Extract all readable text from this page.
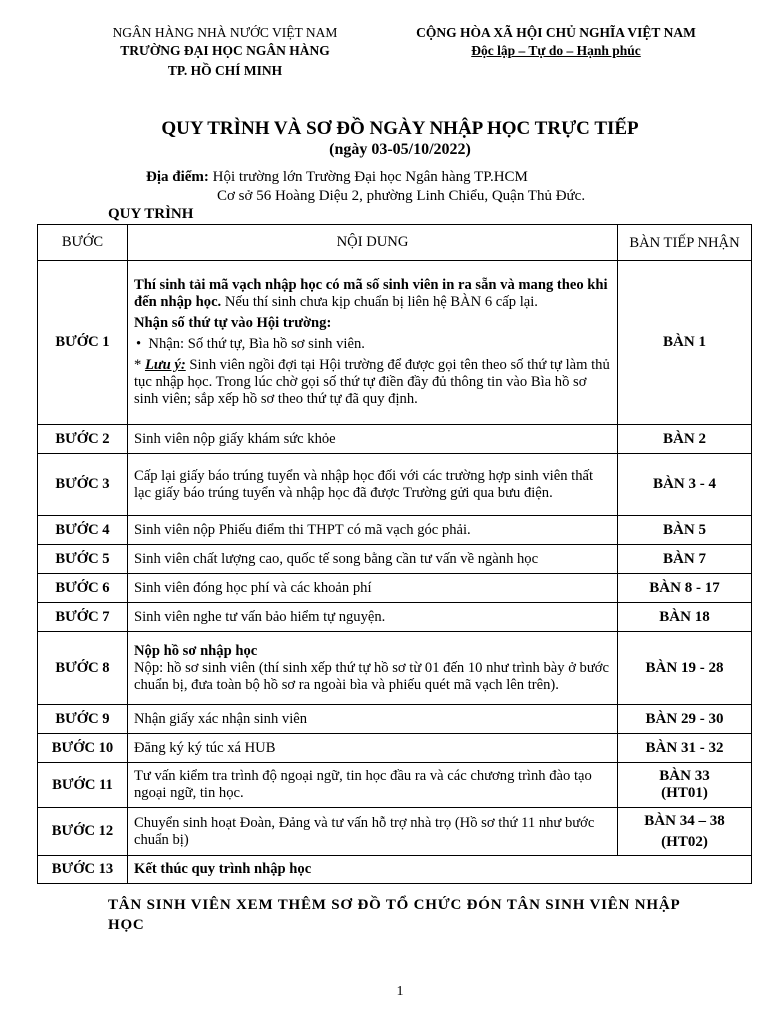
NGÂN HÀNG NHÀ NƯỚC VIỆT NAM
TRƯỜNG ĐẠI HỌC NGÂN HÀNG
TP. HỒ CHÍ MINH
CỘNG HÒA XÃ HỘI CHỦ NGHĨA VIỆT NAM
Độc lập – Tự do – Hạnh phúc
QUY TRÌNH VÀ SƠ ĐỒ NGÀY NHẬP HỌC TRỰC TIẾP
(ngày 03-05/10/2022)
Địa điểm: Hội trường lớn Trường Đại học Ngân hàng TP.HCM
Cơ sở 56 Hoàng Diệu 2, phường Linh Chiểu, Quận Thủ Đức.
QUY TRÌNH
BƯỚC	NỘI DUNG	BÀN TIẾP NHẬN
BƯỚC 1	Thí sinh tải mã vạch nhập học có mã số sinh viên in ra sẵn và mang theo khi đến nhập học. Nếu thí sinh chưa kịp chuẩn bị liên hệ BÀN 6 cấp lại.
Nhận số thứ tự vào Hội trường:
•  Nhận: Số thứ tự, Bìa hồ sơ sinh viên.
* Lưu ý: Sinh viên ngồi đợi tại Hội trường để được gọi tên theo số thứ tự làm thủ tục nhập học. Trong lúc chờ gọi số thứ tự điền đầy đủ thông tin vào Bìa hồ sơ sinh viên; sắp xếp hồ sơ theo thứ tự đã quy định.	BÀN 1
BƯỚC 2	Sinh viên nộp giấy khám sức khỏe	BÀN 2
BƯỚC 3	Cấp lại giấy báo trúng tuyển và nhập học đối với các trường hợp sinh viên thất lạc giấy báo trúng tuyển và nhập học đã được Trường gửi qua bưu điện.	BÀN 3 - 4
BƯỚC 4	Sinh viên nộp Phiếu điểm thi THPT có mã vạch góc phải.	BÀN 5
BƯỚC 5	Sinh viên chất lượng cao, quốc tế song bằng cần tư vấn về ngành học	BÀN 7
BƯỚC 6	Sinh viên đóng học phí và các khoản phí	BÀN 8 - 17
BƯỚC 7	Sinh viên nghe tư vấn bảo hiểm tự nguyện.	BÀN 18
BƯỚC 8	Nộp hồ sơ nhập học
Nộp: hồ sơ sinh viên (thí sinh xếp thứ tự hồ sơ từ 01 đến 10 như trình bày ở bước chuẩn bị, đưa toàn bộ hồ sơ ra ngoài bìa và phiếu quét mã vạch lên trên).	BÀN 19 - 28
BƯỚC 9	Nhận giấy xác nhận sinh viên	BÀN 29 - 30
BƯỚC 10	Đăng ký ký túc xá HUB	BÀN 31 - 32
BƯỚC 11	Tư vấn kiểm tra trình độ ngoại ngữ, tin học đầu ra và các chương trình đào tạo ngoại ngữ, tin học.	BÀN 33
(HT01)

BƯỚC 12	Chuyển sinh hoạt Đoàn, Đảng và tư vấn hỗ trợ nhà trọ (Hồ sơ thứ 11 như bước chuẩn bị)	BÀN 34 – 38
(HT02)

BƯỚC 13	Kết thúc quy trình nhập học	
TÂN SINH VIÊN XEM THÊM SƠ ĐỒ TỔ CHỨC ĐÓN TÂN SINH VIÊN NHẬP HỌC
1
